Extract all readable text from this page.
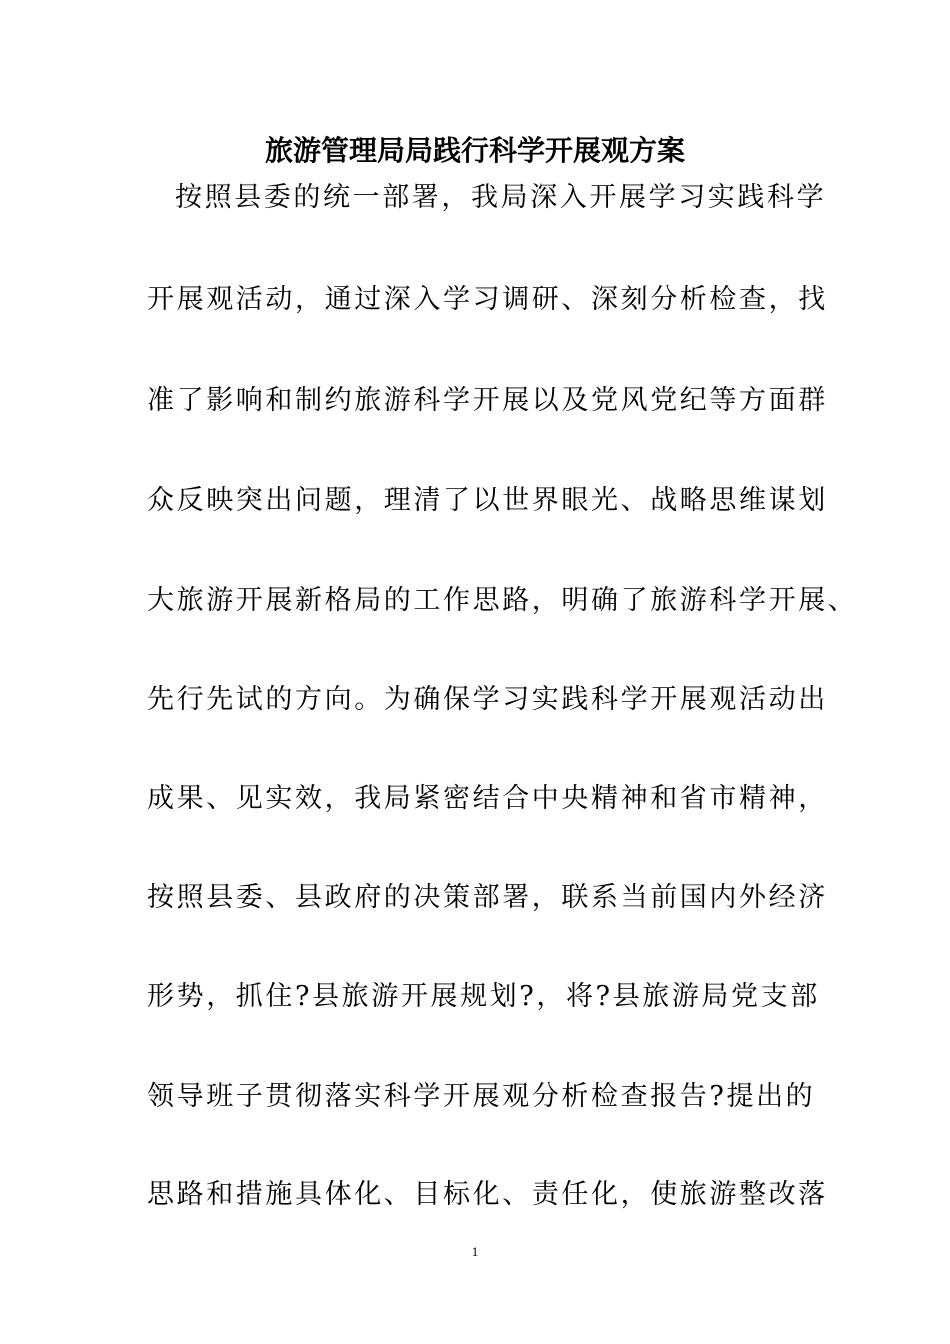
旅游管理局局践行科学开展观方案
按照县委的统一部署，我局深入开展学习实践科学
开展观活动，通过深入学习调研、深刻分析检查，找
准了影响和制约旅游科学开展以及党风党纪等方面群
众反映突出问题，理清了以世界眼光、战略思维谋划
大旅游开展新格局的工作思路，明确了旅游科学开展、
先行先试的方向。为确保学习实践科学开展观活动出
成果、见实效，我局紧密结合中央精神和省市精神，
按照县委、县政府的决策部署，联系当前国内外经济
形势，抓住?县旅游开展规划?，将?县旅游局党支部
领导班子贯彻落实科学开展观分析检查报告?提出的
思路和措施具体化、目标化、责任化，使旅游整改落
1
